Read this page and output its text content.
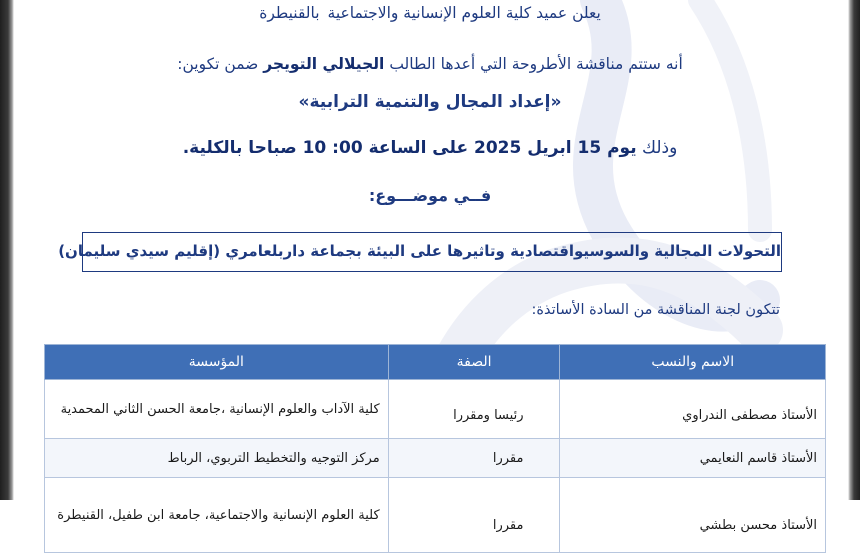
يعلن عميد كلية العلوم الإنسانية والاجتماعيةبالقنيطرة
أنه ستتم مناقشة الأطروحة التي أعدها الطالب الجيلالي التويجر ضمن تكوين:
«إعداد المجال والتنمية الترابية»
وذلك يوم 15 ابريل 2025 على الساعة 00: 10 صباحا بالكلية.
فــي موضـــوع:
التحولات المجالية والسوسيواقتصادية وتاثيرها على البيئة بجماعة داربلعامري (إقليم سيدي سليمان)
تتكون لجنة المناقشة من السادة الأساتذة:
الاسم والنسب	الصفة	المؤسسة
الأستاذ مصطفى الندراوي	رئيسا ومقررا	كلية الآداب والعلوم الإنسانية ،جامعة الحسن الثاني المحمدية
الأستاذ قاسم النعايمي	مقررا	مركز التوجيه والتخطيط التربوي، الرباط
الأستاذ محسن بطشي	مقررا	كلية العلوم الإنسانية والاجتماعية، جامعة ابن طفيل، القنيطرة
